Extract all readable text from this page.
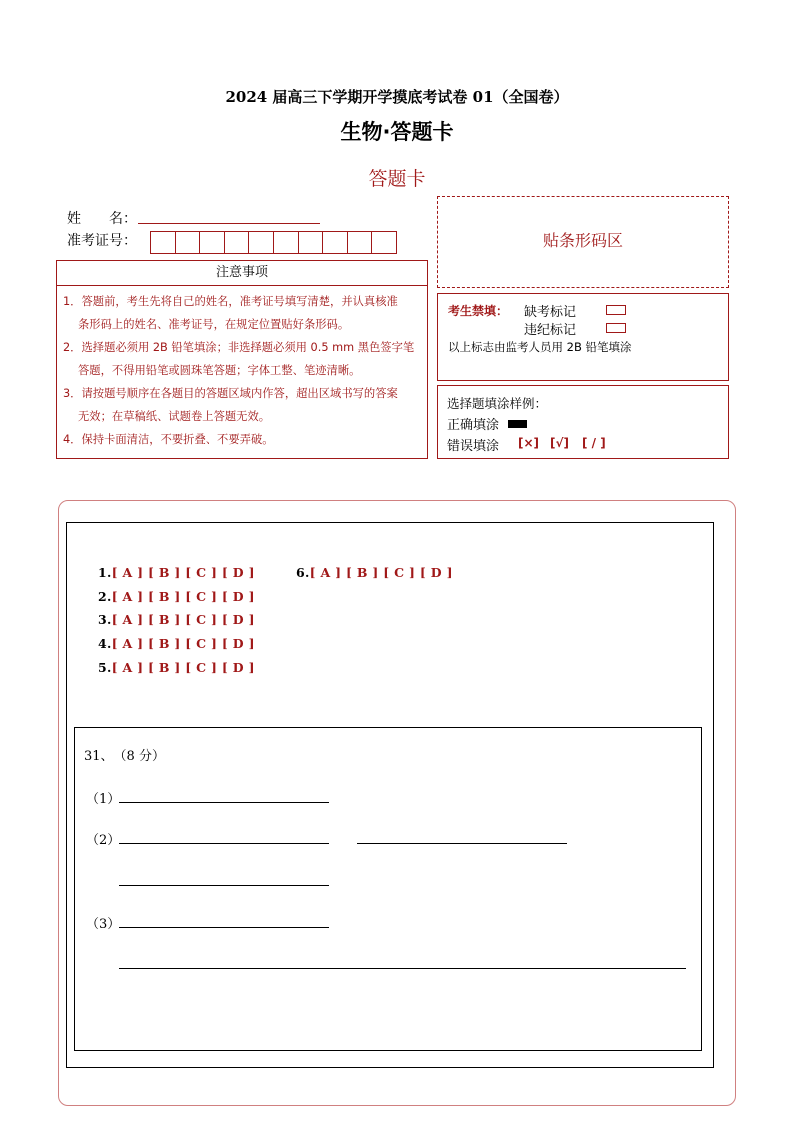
2024 届高三下学期开学摸底考试卷 01（全国卷）
生物·答题卡
答题卡
姓　　名：
准考证号：
注意事项

1．答题前，考生先将自己的姓名，准考证号填写清楚，并认真核准

条形码上的姓名、准考证号，在规定位置贴好条形码。

2．选择题必须用 2B 铅笔填涂；非选择题必须用 0.5 mm 黑色签字笔

答题，不得用铅笔或圆珠笔答题；字体工整、笔迹清晰。

3．请按题号顺序在各题目的答题区域内作答，超出区域书写的答案

无效；在草稿纸、试题卷上答题无效。

4．保持卡面清洁，不要折叠、不要弄破。

贴条形码区
考生禁填： 缺考标记
违纪标记
以上标志由监考人员用 2B 铅笔填涂
选择题填涂样例：
正确填涂
错误填涂 [×] [√] [ / ]
1.[ A ] [ B ] [ C ] [ D ]
2.[ A ] [ B ] [ C ] [ D ]
3.[ A ] [ B ] [ C ] [ D ]
4.[ A ] [ B ] [ C ] [ D ]
5.[ A ] [ B ] [ C ] [ D ]
6.[ A ] [ B ] [ C ] [ D ]
31、　（8 分）
（1）
（2）
（3）
